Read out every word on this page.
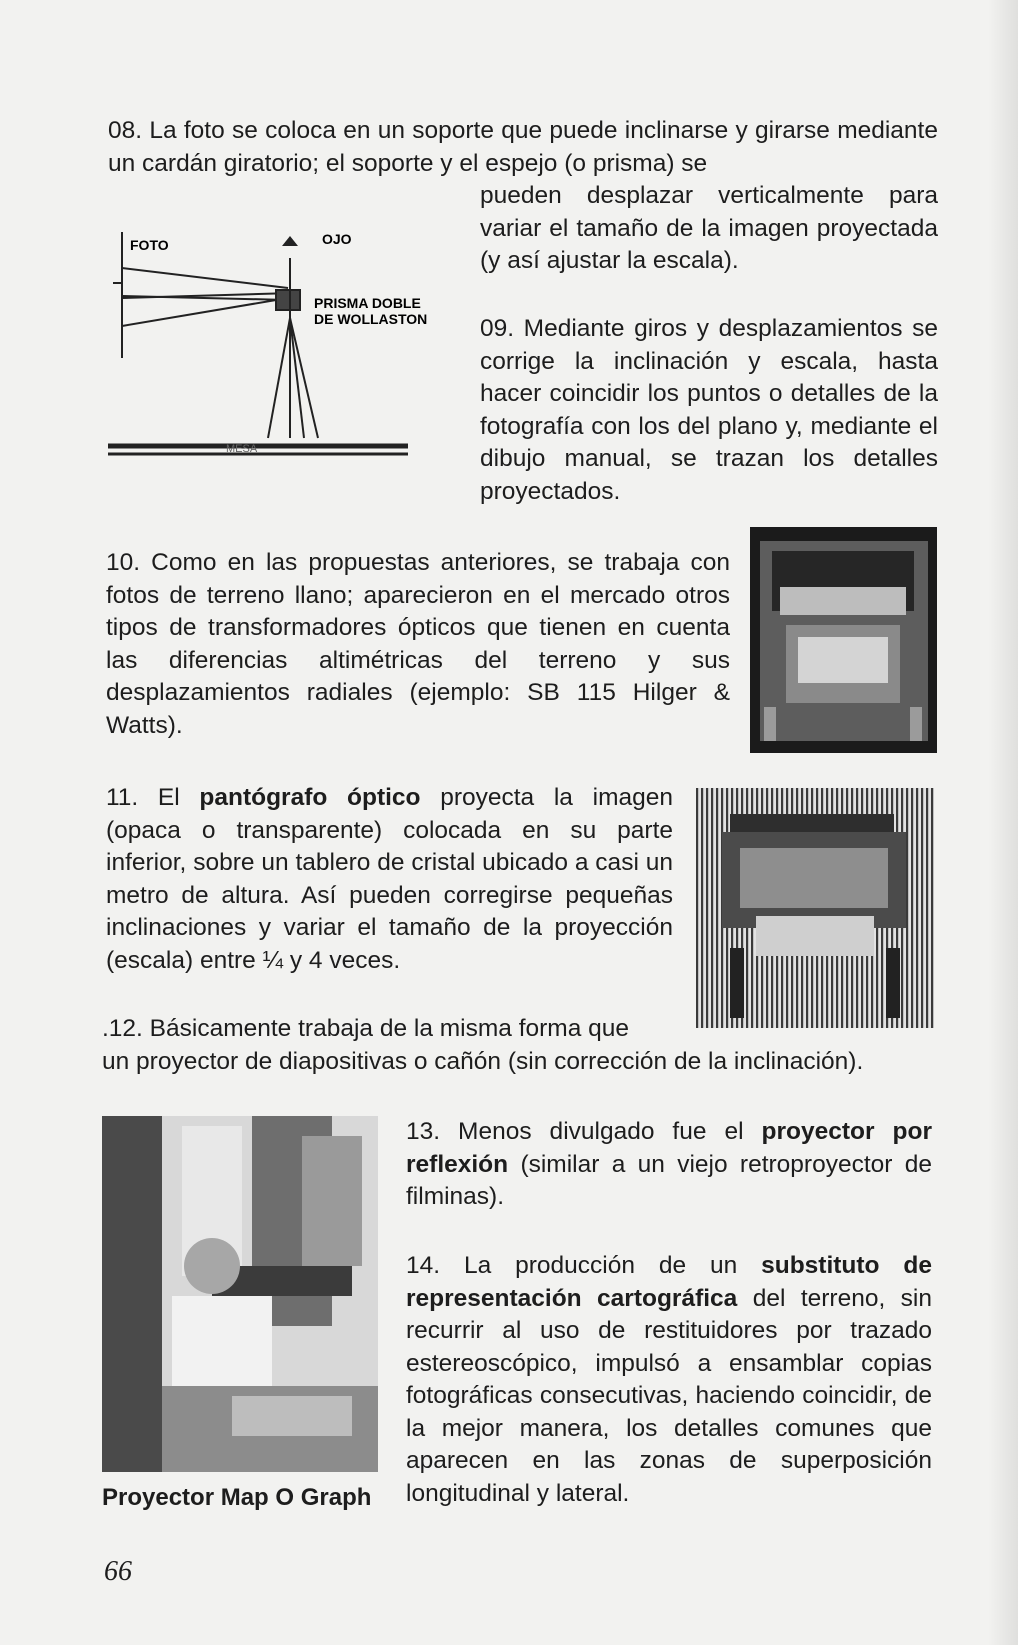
08. La foto se coloca en un soporte que puede inclinarse y girarse mediante un cardán giratorio; el soporte y el espejo (o prisma) se

pueden desplazar verticalmente para variar el tamaño de la imagen proyectada (y así ajustar la escala).

FOTO	OJO
PRISMA DOBLE
DE WOLLASTON
MESA

09. Mediante giros y desplazamientos se corrige la inclinación y escala, hasta hacer coincidir los puntos o detalles de la fotografía con los del plano y, mediante el dibujo manual, se trazan los detalles proyectados.

10. Como en las propuestas anteriores, se trabaja con fotos de terreno llano; aparecieron en el mercado otros tipos de transformadores ópticos que tienen en cuenta las diferencias altimétricas del terreno y sus desplazamientos radiales (ejemplo: SB 115 Hilger & Watts).

11. El pantógrafo óptico proyecta la imagen (opaca o transparente) colocada en su parte inferior, sobre un tablero de cristal ubicado a casi un metro de altura. Así pueden corregirse pequeñas inclinaciones y variar el tamaño de la proyección (escala) entre ¼ y 4 veces.

.12. Básicamente trabaja de la misma forma que

un proyector de diapositivas o cañón (sin corrección de la inclinación).

Proyector Map O Graph

13. Menos divulgado fue el proyector por reflexión (similar a un viejo retroproyector de filminas).

14. La producción de un substituto de representación cartográfica del terreno, sin recurrir al uso de restituidores por trazado estereoscópico, impulsó a ensamblar copias fotográficas consecutivas, haciendo coincidir, de la mejor manera, los detalles comunes que aparecen en las zonas de superposición longitudinal y lateral.

66
